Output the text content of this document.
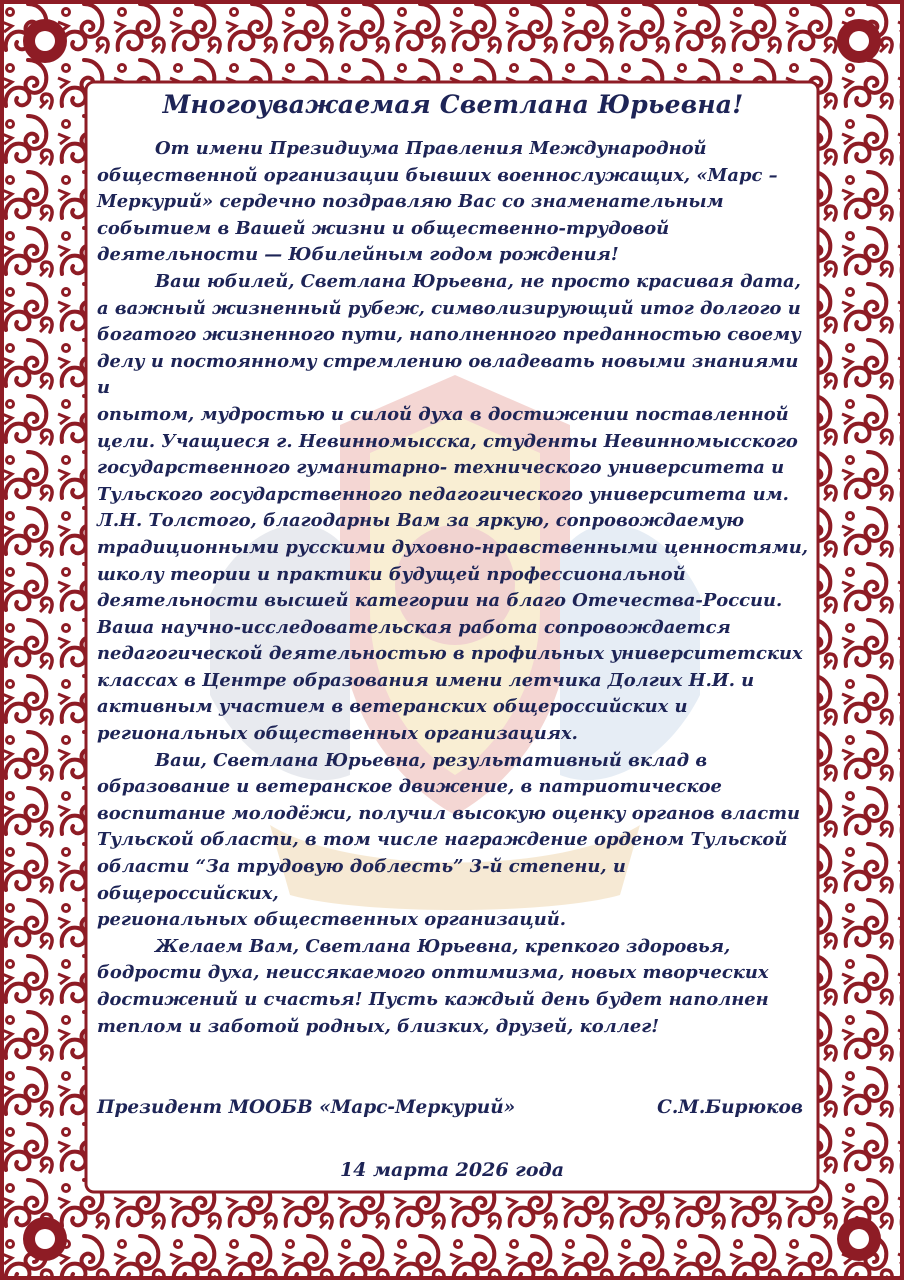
Многоуважаемая Светлана Юрьевна!

От имени Президиума Правления Международной
общественной организации бывших военнослужащих, «Марс –
Меркурий» сердечно поздравляю Вас со знаменательным
событием в Вашей жизни и общественно-трудовой
деятельности — Юбилейным годом рождения!

Ваш юбилей, Светлана Юрьевна, не просто красивая дата,
а важный жизненный рубеж, символизирующий итог долгого и
богатого жизненного пути, наполненного преданностью своему
делу и постоянному стремлению овладевать новыми знаниями и
опытом, мудростью и силой духа в достижении поставленной
цели. Учащиеся г. Невинномысска, студенты Невинномысского
государственного гуманитарно- технического университета и
Тульского государственного педагогического университета им.
Л.Н. Толстого, благодарны Вам за яркую, сопровождаемую
традиционными русскими духовно-нравственными ценностями,
школу теории и практики будущей профессиональной
деятельности высшей категории на благо Отечества-России.
Ваша научно-исследовательская работа сопровождается
педагогической деятельностью в профильных университетских
классах в Центре образования имени летчика Долгих Н.И. и
активным участием в ветеранских общероссийских и
региональных общественных организациях.

Ваш, Светлана Юрьевна, результативный вклад в
образование и ветеранское движение, в патриотическое
воспитание молодёжи, получил высокую оценку органов власти
Тульской области, в том числе награждение орденом Тульской
области “За трудовую доблесть” 3-й степени, и общероссийских,
региональных общественных организаций.

Желаем Вам, Светлана Юрьевна, крепкого здоровья,
бодрости духа, неиссякаемого оптимизма, новых творческих
достижений и счастья! Пусть каждый день будет наполнен
теплом и заботой родных, близких, друзей, коллег!

Президент МООБВ «Марс-Меркурий»	С.М.Бирюков
14 марта 2026 года
